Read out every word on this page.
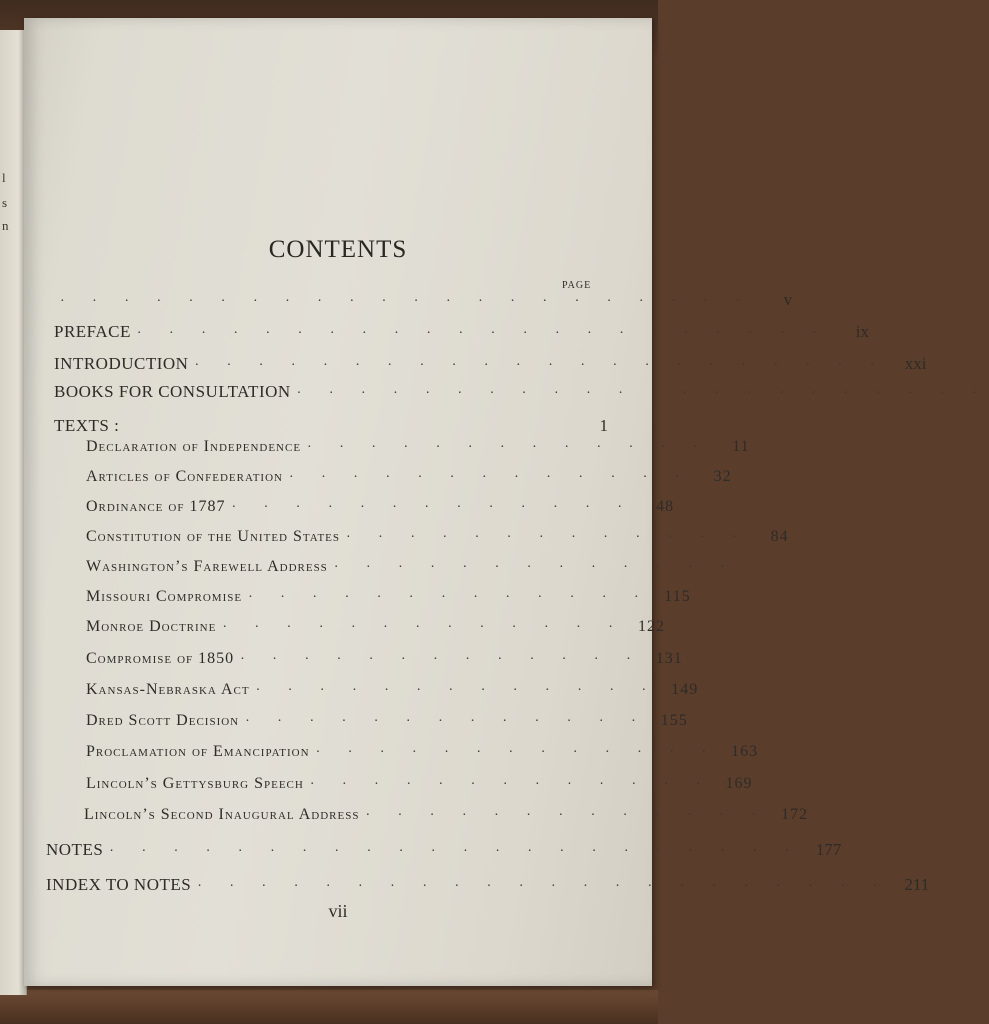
l
s
n
CONTENTS
PAGE
· · · · · · · · · · · · · · · · · · · · · ·	v
PREFACE · · · · · · · · · · · · · · · · · · · · · ·	ix
INTRODUCTION · · · · · · · · · · · · · · · · · · · · · ·	xxi
BOOKS FOR CONSULTATION · · · · · · · · · · · · · · · · · · · · · ·
TEXTS :	1
Declaration of Independence · · · · · · · · · · · · ·	11
Articles of Confederation · · · · · · · · · · · · ·	32
Ordinance of 1787 · · · · · · · · · · · · ·	48
Constitution of the United States · · · · · · · · · · · · ·	84
Washington’s Farewell Address · · · · · · · · · · · · ·
Missouri Compromise · · · · · · · · · · · · · 115
Monroe Doctrine · · · · · · · · · · · · · 122
Compromise of 1850 · · · · · · · · · · · · · 131
Kansas-Nebraska Act · · · · · · · · · · · · · 149
Dred Scott Decision · · · · · · · · · · · · · 155
Proclamation of Emancipation · · · · · · · · · · · · · 163
Lincoln’s Gettysburg Speech · · · · · · · · · · · · · 169
Lincoln’s Second Inaugural Address · · · · · · · · · · · · · 172
NOTES · · · · · · · · · · · · · · · · · · · · · · 177
INDEX TO NOTES · · · · · · · · · · · · · · · · · · · · · · 211
vii
